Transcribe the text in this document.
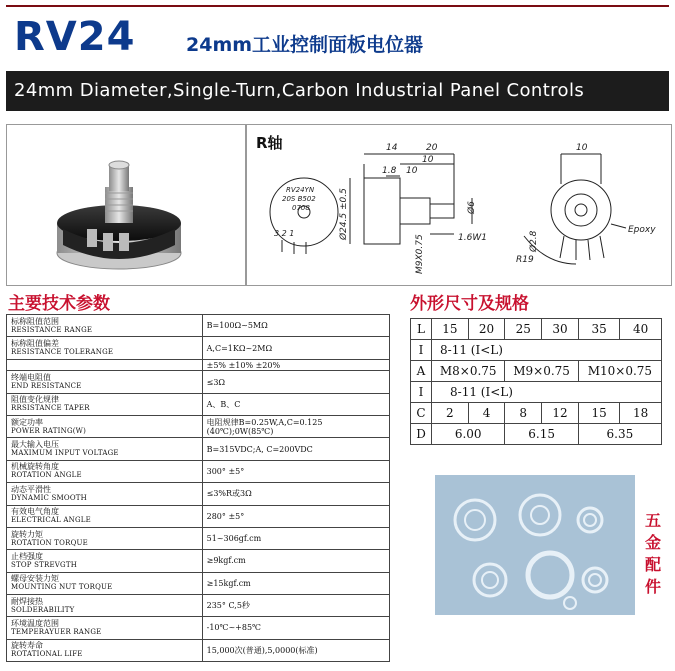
RV24	24mm工业控制面板电位器
24mm Diameter,Single-Turn,Carbon Industrial Panel Controls
R轴
RV24YN
20S B502
0708
3 2 1
14	20
10
1.8 10
Ø6
Ø24.5 ±0.5
M9X0.75	1.6W1
10
Ø2.8
R19
Epoxy
主要技术参数	外形尺寸及规格
标称阻值范围
RESISTANCE RANGE	B=100Ω~5MΩ

标称阻值偏差
RESISTANCE TOLERANGE	A,C=1KΩ~2MΩ

	±5% ±10% ±20%

终端电阻值
END RESISTANCE	≤3Ω

阻值变化规律
RRSISTANCE TAPER	A、B、C

额定功率
POWER RATING(W)	电阻规律B=0.25W,A,C=0.125
(40℃);0W(85℃)

最大输入电压
MAXIMUM INPUT VOLTAGE	B=315VDC;A, C=200VDC

机械旋转角度
ROTATION ANGLE	300° ±5°

动态平滑性
DYNAMIC SMOOTH	≤3%R或3Ω

有效电气角度
ELECTRICAL ANGLE	280° ±5°

旋转力矩
ROTATION TORQUE	51~306gf.cm

止档强度
STOP STREVGTH	≥9kgf.cm

螺母安装力矩
MOUNTING NUT TORQUE	≥15kgf.cm

耐焊接热
SOLDERABILITY	235° C,5秒

环境温度范围
TEMPERAYUER RANGE	-10℃~+85℃

旋转寿命
ROTATIONAL LIFE	15,000次(普通),5,0000(标准)
L	15	20	25	30	35	40
I	8-11 (I<L)					
A	M8×0.75		M9×0.75		M10×0.75	
I	8-11 (I<L)					
C	2	4	8	12	15	18
D	6.00		6.15		6.35	
五金配件
